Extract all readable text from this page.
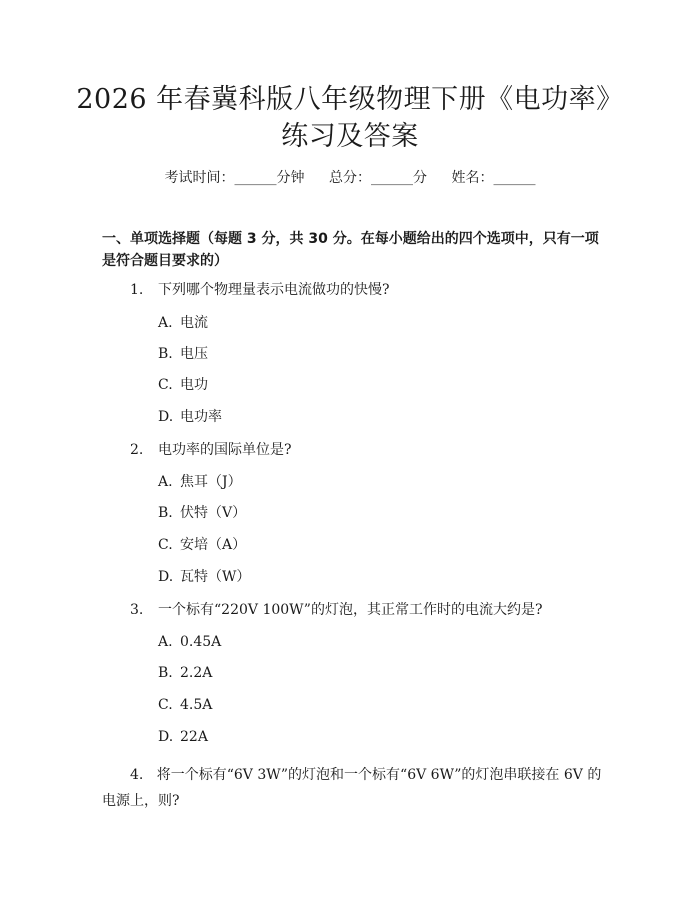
2026 年春冀科版八年级物理下册《电功率》
练习及答案
考试时间：______分钟 总分：______分 姓名：______
一、单项选择题（每题 3 分，共 30 分。在每小题给出的四个选项中，只有一项是符合题目要求的）
1. 下列哪个物理量表示电流做功的快慢?
A. 电流
B. 电压
C. 电功
D. 电功率
2. 电功率的国际单位是?
A. 焦耳（J）
B. 伏特（V）
C. 安培（A）
D. 瓦特（W）
3. 一个标有“220V 100W”的灯泡，其正常工作时的电流大约是?
A. 0.45A
B. 2.2A
C. 4.5A
D. 22A
4. 将一个标有“6V 3W”的灯泡和一个标有“6V 6W”的灯泡串联接在 6V 的电源上，则?
